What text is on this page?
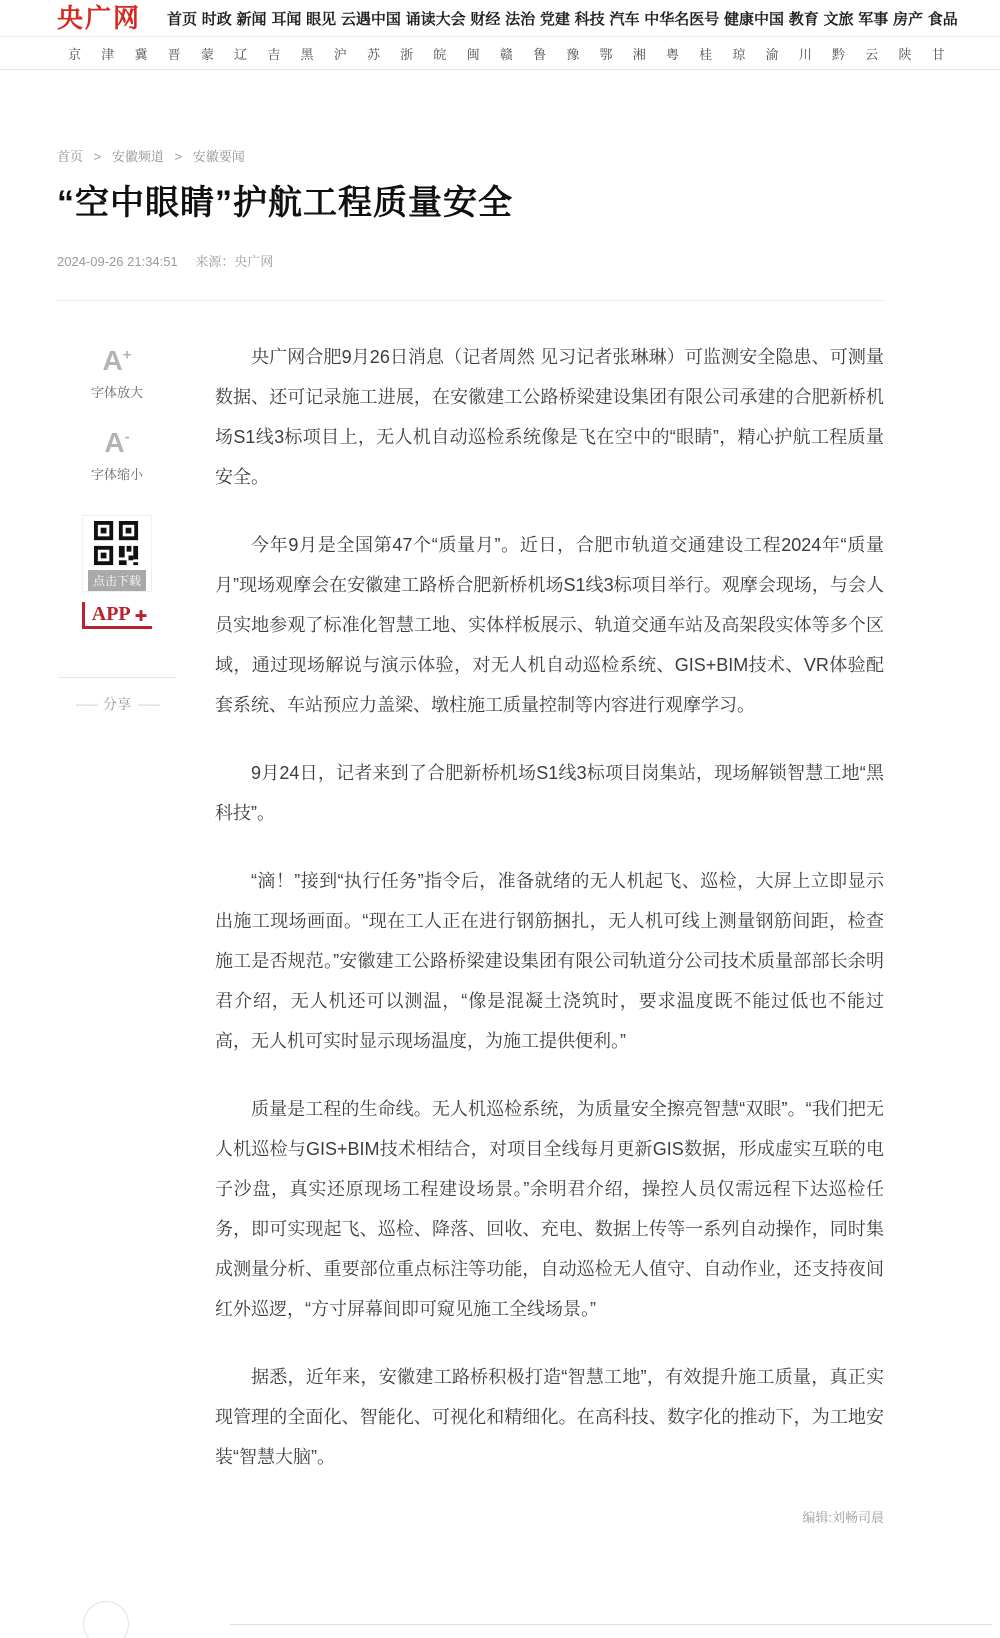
央广网 首页 时政 新闻 耳闻 眼见 云遇中国 诵读大会 财经 法治 党建 科技 汽车 中华名医号 健康中国 教育 文旅 军事 房产 食品
京 津 冀 晋 蒙 辽 吉 黑 沪 苏 浙 皖 闽 赣 鲁 豫 鄂 湘 粤 桂 琼 渝 川 黔 云 陕 甘
首页 > 安徽频道 > 安徽要闻
“空中眼睛”护航工程质量安全
2024-09-26 21:34:51 来源：央广网
A+
字体放大
A-
字体缩小
点击下载
APP ✚
—— 分享 ——

央广网合肥9月26日消息（记者周然 见习记者张琳琳）可监测安全隐患、可测量数据、还可记录施工进展，在安徽建工公路桥梁建设集团有限公司承建的合肥新桥机场S1线3标项目上，无人机自动巡检系统像是飞在空中的“眼睛”，精心护航工程质量安全。

今年9月是全国第47个“质量月”。近日，合肥市轨道交通建设工程2024年“质量月”现场观摩会在安徽建工路桥合肥新桥机场S1线3标项目举行。观摩会现场，与会人员实地参观了标准化智慧工地、实体样板展示、轨道交通车站及高架段实体等多个区域，通过现场解说与演示体验，对无人机自动巡检系统、GIS+BIM技术、VR体验配套系统、车站预应力盖梁、墩柱施工质量控制等内容进行观摩学习。

9月24日，记者来到了合肥新桥机场S1线3标项目岗集站，现场解锁智慧工地“黑科技”。

“滴！”接到“执行任务”指令后，准备就绪的无人机起飞、巡检，大屏上立即显示出施工现场画面。“现在工人正在进行钢筋捆扎，无人机可线上测量钢筋间距，检查施工是否规范。”安徽建工公路桥梁建设集团有限公司轨道分公司技术质量部部长余明君介绍，无人机还可以测温，“像是混凝土浇筑时，要求温度既不能过低也不能过高，无人机可实时显示现场温度，为施工提供便利。”

质量是工程的生命线。无人机巡检系统，为质量安全擦亮智慧“双眼”。“我们把无人机巡检与GIS+BIM技术相结合，对项目全线每月更新GIS数据，形成虚实互联的电子沙盘，真实还原现场工程建设场景。”余明君介绍，操控人员仅需远程下达巡检任务，即可实现起飞、巡检、降落、回收、充电、数据上传等一系列自动操作，同时集成测量分析、重要部位重点标注等功能，自动巡检无人值守、自动作业，还支持夜间红外巡逻，“方寸屏幕间即可窥见施工全线场景。”

据悉，近年来，安徽建工路桥积极打造“智慧工地”，有效提升施工质量，真正实现管理的全面化、智能化、可视化和精细化。在高科技、数字化的推动下，为工地安装“智慧大脑”。

编辑:刘畅司晨
